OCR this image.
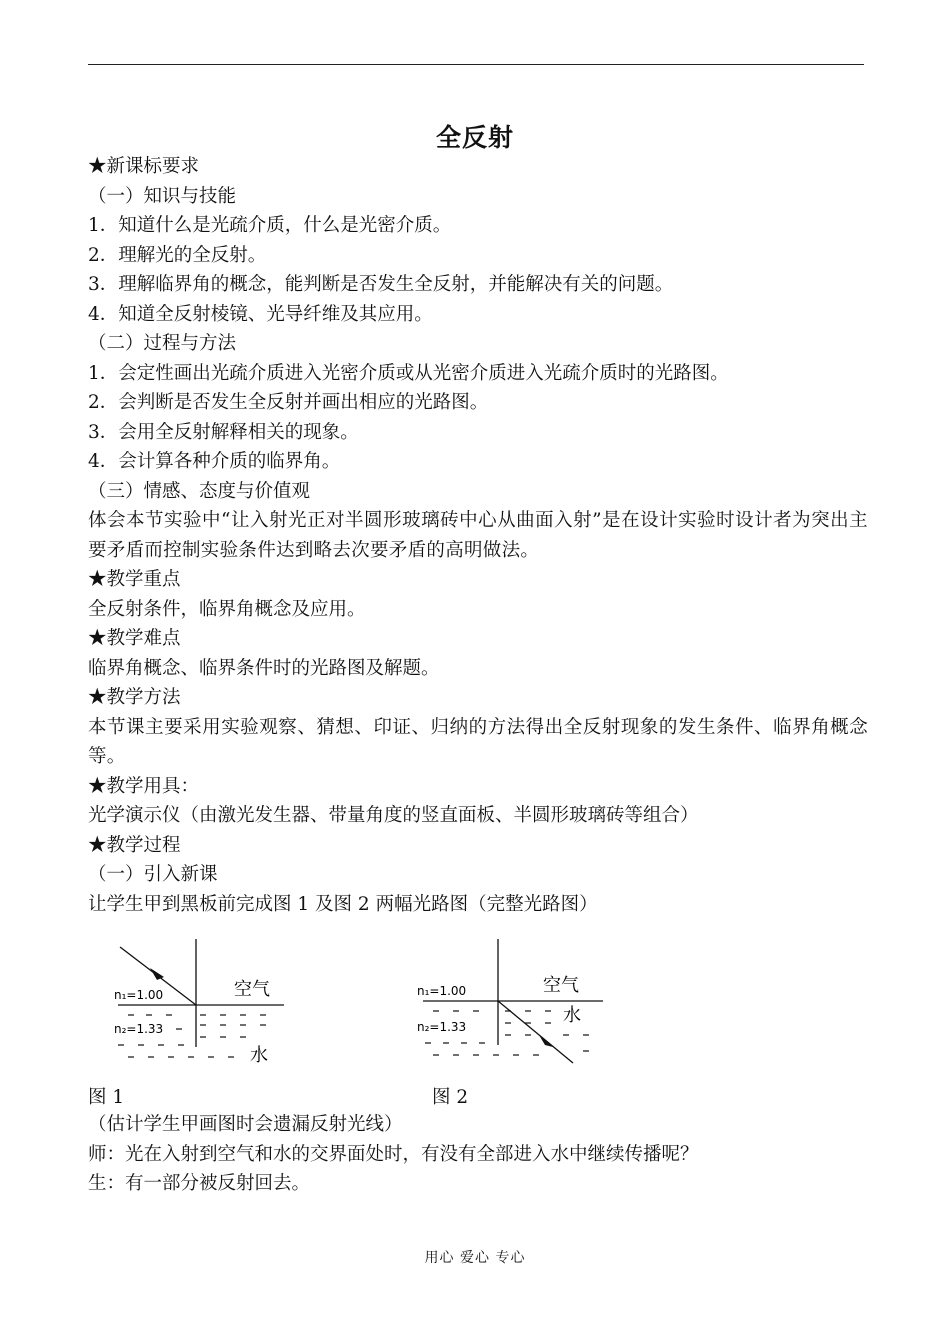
全反射
★新课标要求
（一）知识与技能
1．知道什么是光疏介质，什么是光密介质。
2．理解光的全反射。
3．理解临界角的概念，能判断是否发生全反射，并能解决有关的问题。
4．知道全反射棱镜、光导纤维及其应用。
（二）过程与方法
1．会定性画出光疏介质进入光密介质或从光密介质进入光疏介质时的光路图。
2．会判断是否发生全反射并画出相应的光路图。
3．会用全反射解释相关的现象。
4．会计算各种介质的临界角。
（三）情感、态度与价值观
体会本节实验中“让入射光正对半圆形玻璃砖中心从曲面入射”是在设计实验时设计者为突出主要矛盾而控制实验条件达到略去次要矛盾的高明做法。
★教学重点
全反射条件，临界角概念及应用。
★教学难点
临界角概念、临界条件时的光路图及解题。
★教学方法
本节课主要采用实验观察、猜想、印证、归纳的方法得出全反射现象的发生条件、临界角概念等。
★教学用具：
光学演示仪（由激光发生器、带量角度的竖直面板、半圆形玻璃砖等组合）
★教学过程
（一）引入新课
让学生甲到黑板前完成图 1 及图 2 两幅光路图（完整光路图）
n₁=1.00
n₂=1.33
空气
水
n₁=1.00
n₂=1.33
空气
水
图 1	图 2
（估计学生甲画图时会遗漏反射光线）
师：光在入射到空气和水的交界面处时，有没有全部进入水中继续传播呢？
生：有一部分被反射回去。
用心 爱心 专心
